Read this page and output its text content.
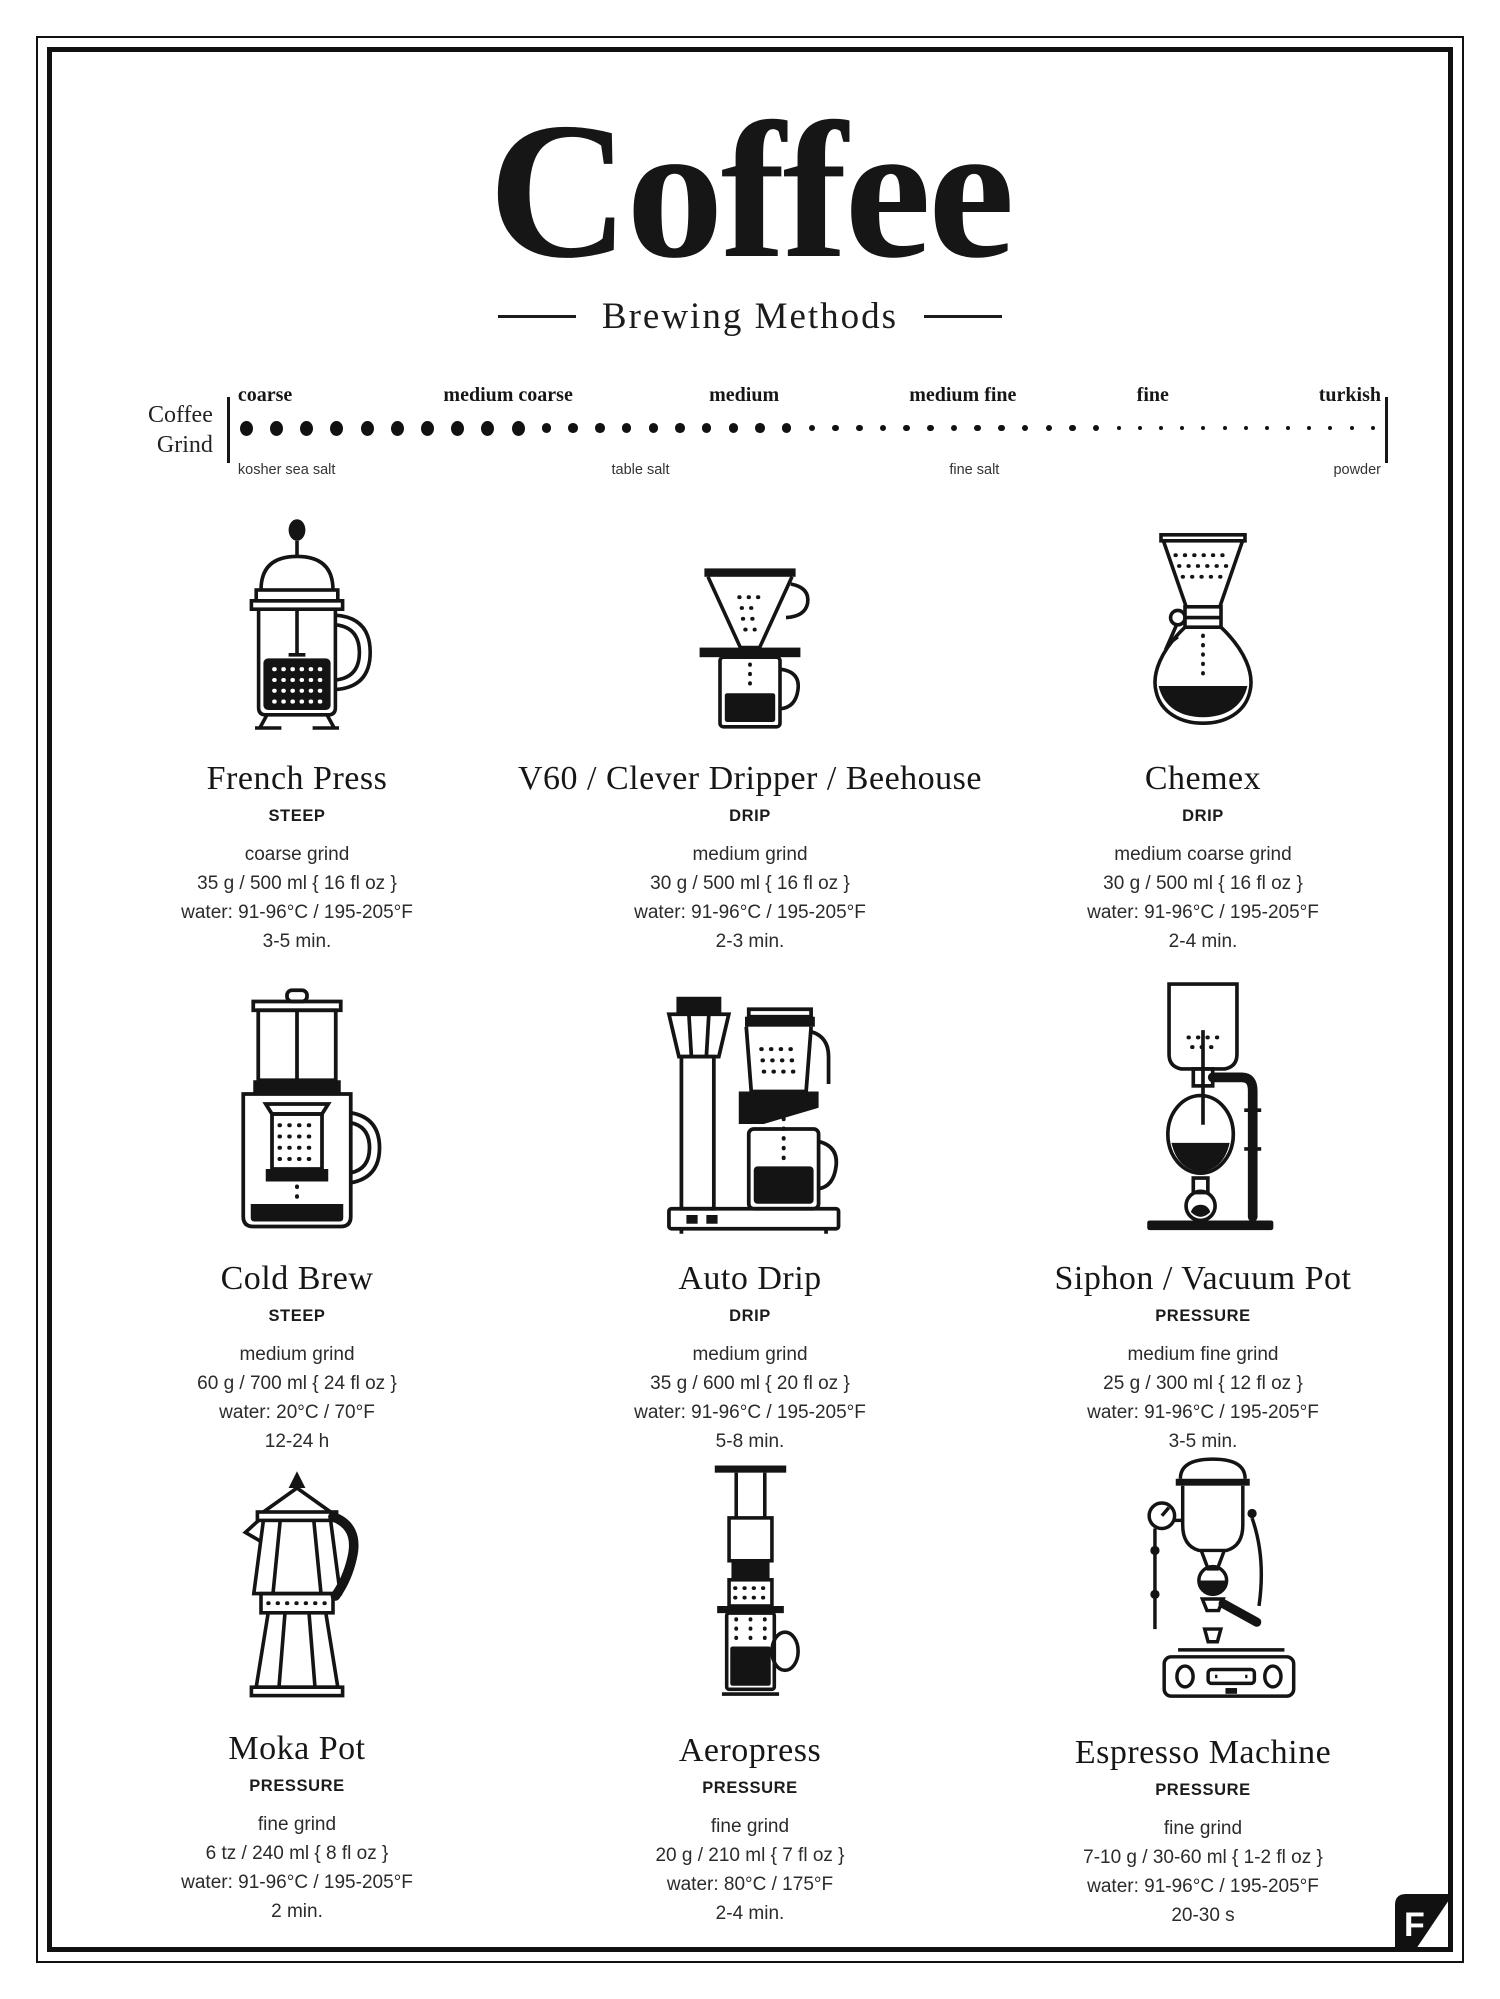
Coffee
Brewing Methods
Coffee
Grind
coarse	medium coarse	medium	medium fine	fine	turkish
kosher sea salt	table salt	fine salt	powder
French Press
STEEP
coarse grind
35 g / 500 ml { 16 fl oz }
water: 91-96°C / 195-205°F
3-5 min.
V60 / Clever Dripper / Beehouse
DRIP
medium grind
30 g / 500 ml { 16 fl oz }
water: 91-96°C / 195-205°F
2-3 min.
Chemex
DRIP
medium coarse grind
30 g / 500 ml { 16 fl oz }
water: 91-96°C / 195-205°F
2-4 min.
Cold Brew
STEEP
medium grind
60 g / 700 ml { 24 fl oz }
water: 20°C / 70°F
12-24 h
Auto Drip
DRIP
medium grind
35 g / 600 ml { 20 fl oz }
water: 91-96°C / 195-205°F
5-8 min.
Siphon / Vacuum Pot
PRESSURE
medium fine grind
25 g / 300 ml { 12 fl oz }
water: 91-96°C / 195-205°F
3-5 min.
Moka Pot
PRESSURE
fine grind
6 tz / 240 ml { 8 fl oz }
water: 91-96°C / 195-205°F
2 min.
Aeropress
PRESSURE
fine grind
20 g / 210 ml { 7 fl oz }
water: 80°C / 175°F
2-4 min.
Espresso Machine
PRESSURE
fine grind
7-10 g / 30-60 ml { 1-2 fl oz }
water: 91-96°C / 195-205°F
20-30 s	F
